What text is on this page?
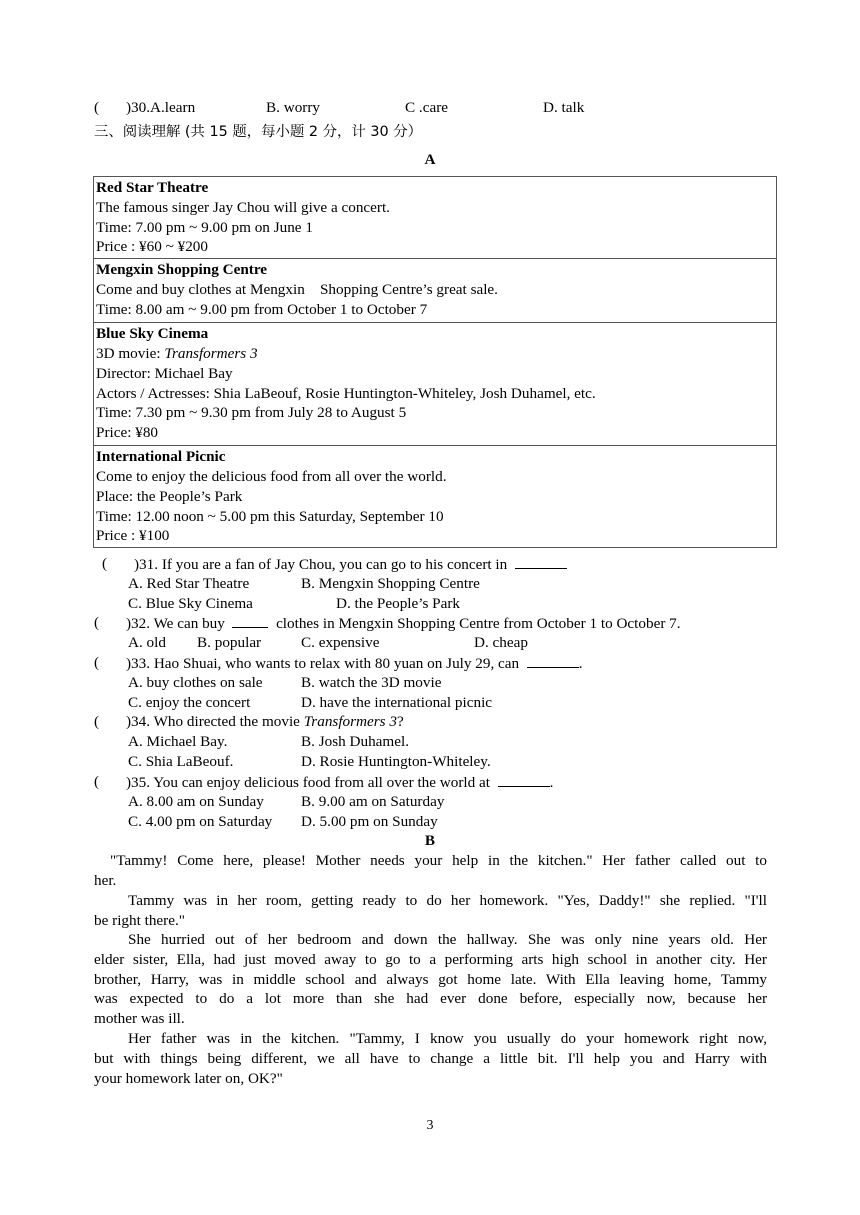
( )30.A.learn	B. worry	C .care	D. talk
三、阅读理解 (共 15 题，每小题 2 分，计 30 分）
A
Red Star Theatre
The famous singer Jay Chou will give a concert.
Time: 7.00 pm ~ 9.00 pm on June 1
Price : ¥60 ~ ¥200

Mengxin Shopping Centre
Come and buy clothes at Mengxin    Shopping Centre’s great sale.
Time: 8.00 am ~ 9.00 pm from October 1 to October 7

Blue Sky Cinema
3D movie: Transformers 3
Director: Michael Bay
Actors / Actresses: Shia LaBeouf, Rosie Huntington-Whiteley, Josh Duhamel, etc.
Time: 7.30 pm ~ 9.30 pm from July 28 to August 5
Price: ¥80

International Picnic
Come to enjoy the delicious food from all over the world.
Place: the People’s Park
Time: 12.00 noon ~ 5.00 pm this Saturday, September 10
Price : ¥100
( )31. If you are a fan of Jay Chou, you can go to his concert in
A. Red Star Theatre	B. Mengxin Shopping Centre
C. Blue Sky Cinema	D. the People’s Park
( )32. We can buy	clothes in Mengxin Shopping Centre from October 1 to October 7.
A. old B. popular	C. expensive	D. cheap
( )33. Hao Shuai, who wants to relax with 80 yuan on July 29, can	.
A. buy clothes on sale	B. watch the 3D movie
C. enjoy the concert	D. have the international picnic
( )34. Who directed the movie Transformers 3?
A. Michael Bay.	B. Josh Duhamel.
C. Shia LaBeouf.	D. Rosie Huntington-Whiteley.
( )35. You can enjoy delicious food from all over the world at	.
A. 8.00 am on Sunday B. 9.00 am on Saturday
C. 4.00 pm on Saturday D. 5.00 pm on Sunday
B
"Tammy! Come here, please! Mother needs your help in the kitchen." Her father called out to
her.
Tammy was in her room, getting ready to do her homework. "Yes, Daddy!" she replied. "I'll
be right there."
She hurried out of her bedroom and down the hallway. She was only nine years old. Her
elder sister, Ella, had just moved away to go to a performing arts high school in another city. Her
brother, Harry, was in middle school and always got home late. With Ella leaving home, Tammy
was expected to do a lot more than she had ever done before, especially now, because her
mother was ill.
Her father was in the kitchen. "Tammy, I know you usually do your homework right now,
but with things being different, we all have to change a little bit. I'll help you and Harry with
your homework later on, OK?"
3
